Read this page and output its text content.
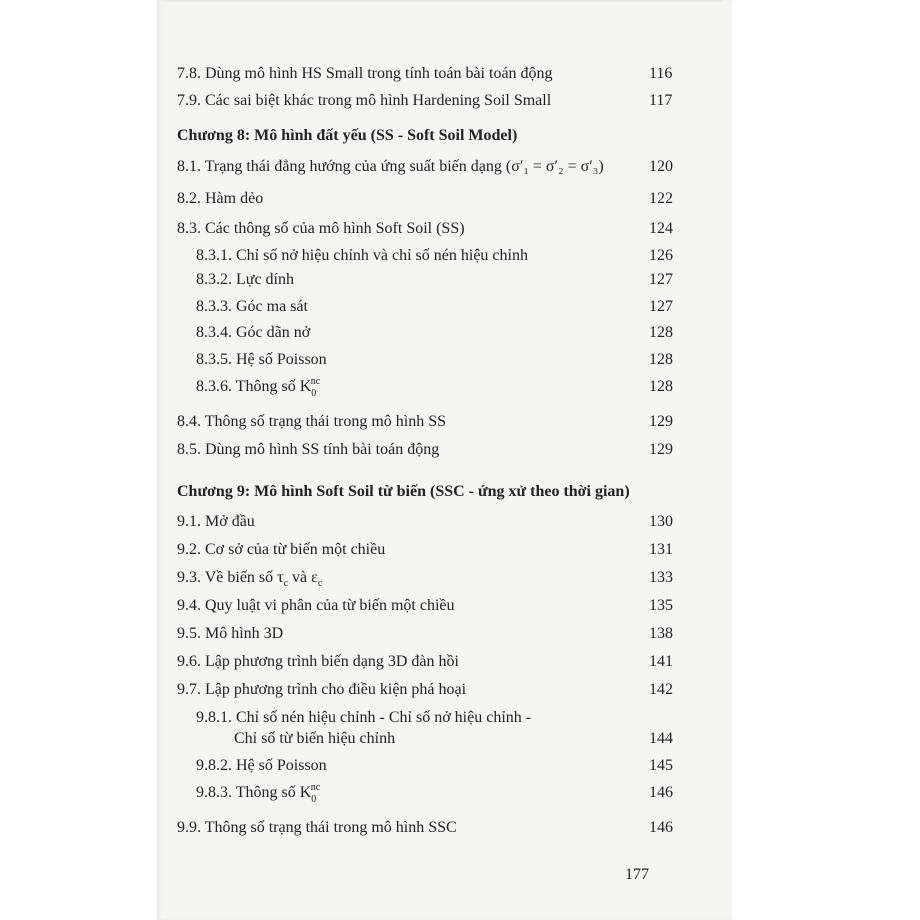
7.8. Dùng mô hình HS Small trong tính toán bài toán động	116
7.9. Các sai biệt khác trong mô hình Hardening Soil Small	117
Chương 8: Mô hình đất yếu (SS - Soft Soil Model)
8.1. Trạng thái đẳng hướng của ứng suất biến dạng (σ′₁ = σ′₂ = σ′₃)	120
8.2. Hàm dẻo	122
8.3. Các thông số của mô hình Soft Soil (SS)	124
8.3.1. Chỉ số nở hiệu chỉnh và chỉ số nén hiệu chỉnh	126
8.3.2. Lực dính	127
8.3.3. Góc ma sát	127
8.3.4. Góc dãn nở	128
8.3.5. Hệ số Poisson	128
8.3.6. Thông số K nc
$_0$	128
8.4. Thông số trạng thái trong mô hình SS	129
8.5. Dùng mô hình SS tính bài toán động	129
Chương 9: Mô hình Soft Soil từ biến (SSC - ứng xử theo thời gian)
9.1. Mở đầu	130
9.2. Cơ sở của từ biến một chiều	131
9.3. Về biến số $\tau_c$ và $\varepsilon_c$	133
9.4. Quy luật vi phân của từ biến một chiều	135
9.5. Mô hình 3D	138
9.6. Lập phương trình biến dạng 3D đàn hồi	141
9.7. Lập phương trình cho điều kiện phá hoại	142
9.8.1. Chỉ số nén hiệu chỉnh - Chỉ số nở hiệu chỉnh -
Chỉ số từ biến hiệu chỉnh	144
9.8.2. Hệ số Poisson	145
9.8.3. Thông số K nc
$_0$	146
9.9. Thông số trạng thái trong mô hình SSC	146
177
